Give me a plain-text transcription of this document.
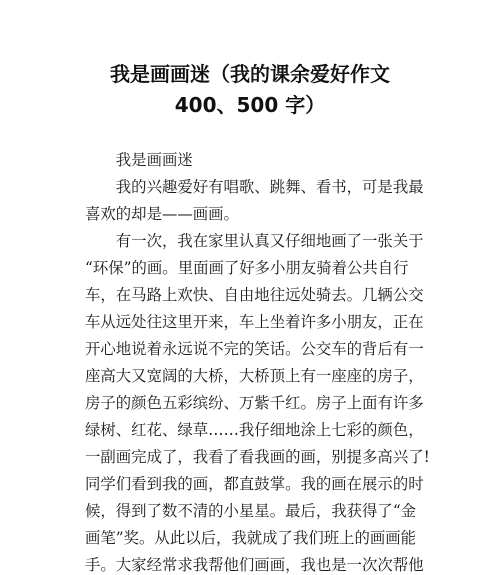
我是画画迷（我的课余爱好作文
400、500 字）
　　我是画画迷
　　我的兴趣爱好有唱歌、跳舞、看书，可是我最
喜欢的却是——画画。
　　有一次，我在家里认真又仔细地画了一张关于
“环保”的画。里面画了好多小朋友骑着公共自行
车，在马路上欢快、自由地往远处骑去。几辆公交
车从远处往这里开来，车上坐着许多小朋友，正在
开心地说着永远说不完的笑话。公交车的背后有一
座高大又宽阔的大桥，大桥顶上有一座座的房子，
房子的颜色五彩缤纷、万紫千红。房子上面有许多
绿树、红花、绿草……我仔细地涂上七彩的颜色，
一副画完成了，我看了看我画的画，别提多高兴了!
同学们看到我的画，都直鼓掌。我的画在展示的时
候，得到了数不清的小星星。最后，我获得了“金
画笔”奖。从此以后，我就成了我们班上的画画能
手。大家经常求我帮他们画画，我也是一次次帮他
